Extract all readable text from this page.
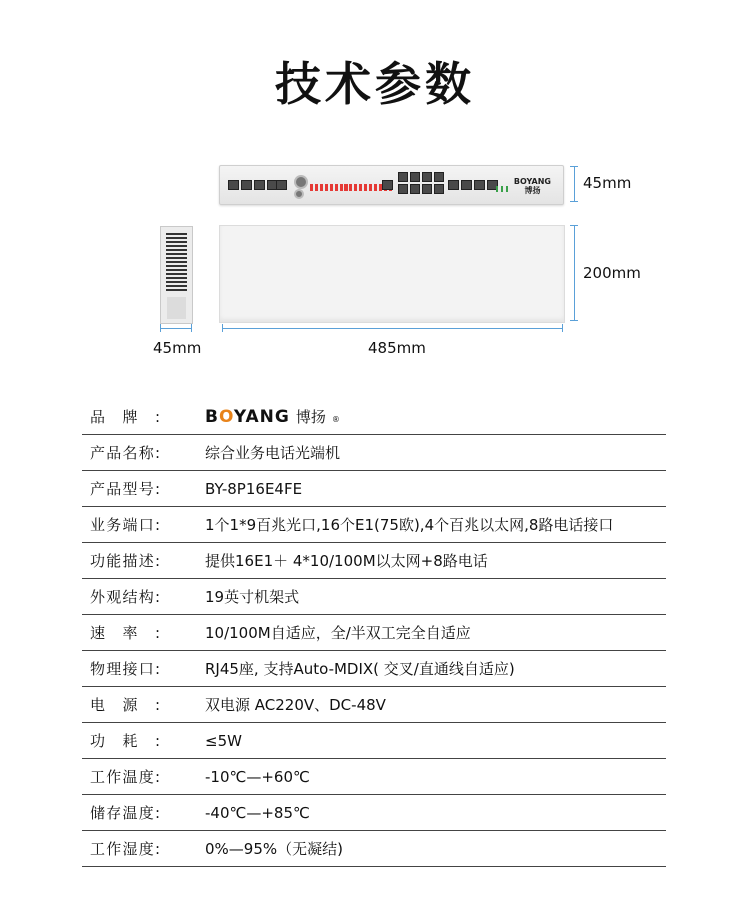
技术参数
BOYANG
博扬	45mm
200mm
45mm	485mm
品牌:	BOYANG 博扬 ®

产品名称:	综合业务电话光端机
产品型号:	BY-8P16E4FE
业务端口:	1个1*9百兆光口,16个E1(75欧),4个百兆以太网,8路电话接口
功能描述:	提供16E1＋ 4*10/100M以太网+8路电话
外观结构:	19英寸机架式
速率:	10/100M自适应，全/半双工完全自适应
物理接口:	RJ45座, 支持Auto-MDIX( 交叉/直通线自适应)
电源:	双电源 AC220V、DC-48V
功耗:	≤5W
工作温度:	-10℃—+60℃
储存温度:	-40℃—+85℃
工作湿度:	0%—95%（无凝结)
